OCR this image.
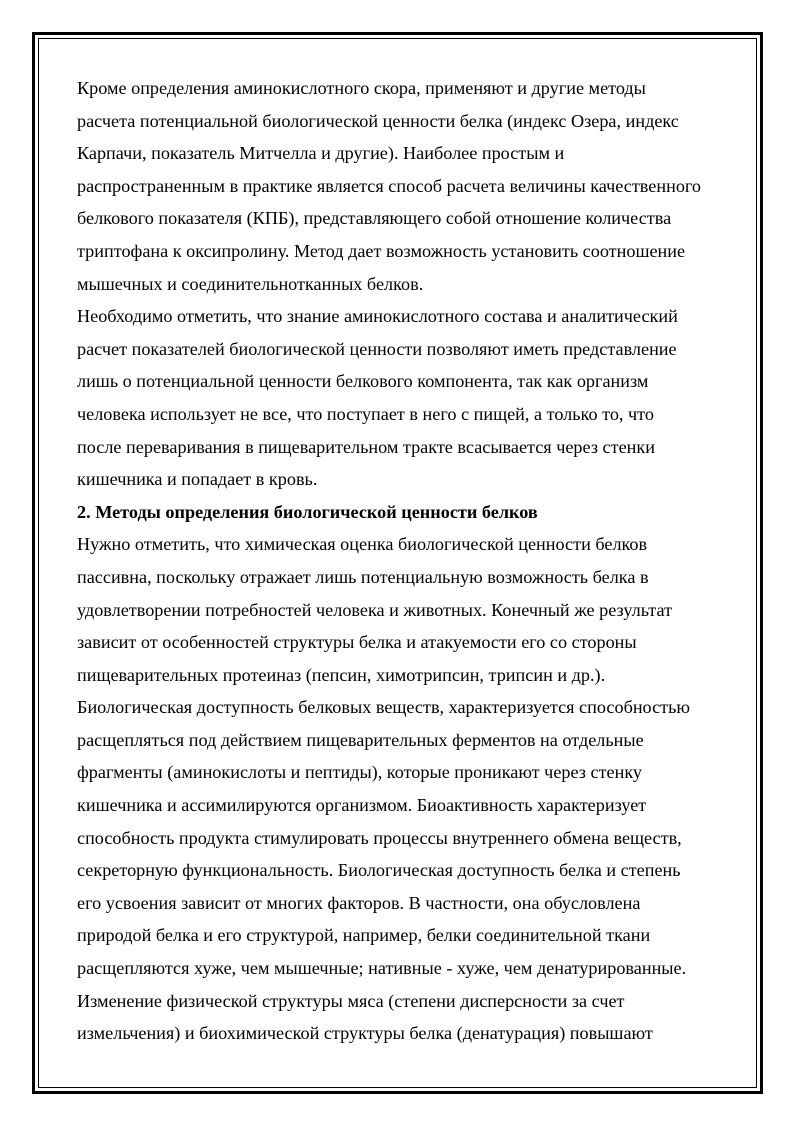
Кроме определения аминокислотного скора, применяют и другие методы
расчета потенциальной биологической ценности белка (индекс Озера, индекс
Карпачи, показатель Митчелла и другие). Наиболее простым и
распространенным в практике является способ расчета величины качественного
белкового показателя (КПБ), представляющего собой отношение количества
триптофана к оксипролину. Метод дает возможность установить соотношение
мышечных и соединительнотканных белков.
Необходимо отметить, что знание аминокислотного состава и аналитический
расчет показателей биологической ценности позволяют иметь представление
лишь о потенциальной ценности белкового компонента, так как организм
человека использует не все, что поступает в него с пищей, а только то, что
после переваривания в пищеварительном тракте всасывается через стенки
кишечника и попадает в кровь.
2. Методы определения биологической ценности белков
Нужно отметить, что химическая оценка биологической ценности белков
пассивна, поскольку отражает лишь потенциальную возможность белка в
удовлетворении потребностей человека и животных. Конечный же результат
зависит от особенностей структуры белка и атакуемости его со стороны
пищеварительных протеиназ (пепсин, химотрипсин, трипсин и др.).
Биологическая доступность белковых веществ, характеризуется способностью
расщепляться под действием пищеварительных ферментов на отдельные
фрагменты (аминокислоты и пептиды), которые проникают через стенку
кишечника и ассимилируются организмом. Биоактивность характеризует
способность продукта стимулировать процессы внутреннего обмена веществ,
секреторную функциональность. Биологическая доступность белка и степень
его усвоения зависит от многих факторов. В частности, она обусловлена
природой белка и его структурой, например, белки соединительной ткани
расщепляются хуже, чем мышечные; нативные - хуже, чем денатурированные.
Изменение физической структуры мяса (степени дисперсности за счет
измельчения) и биохимической структуры белка (денатурация) повышают
